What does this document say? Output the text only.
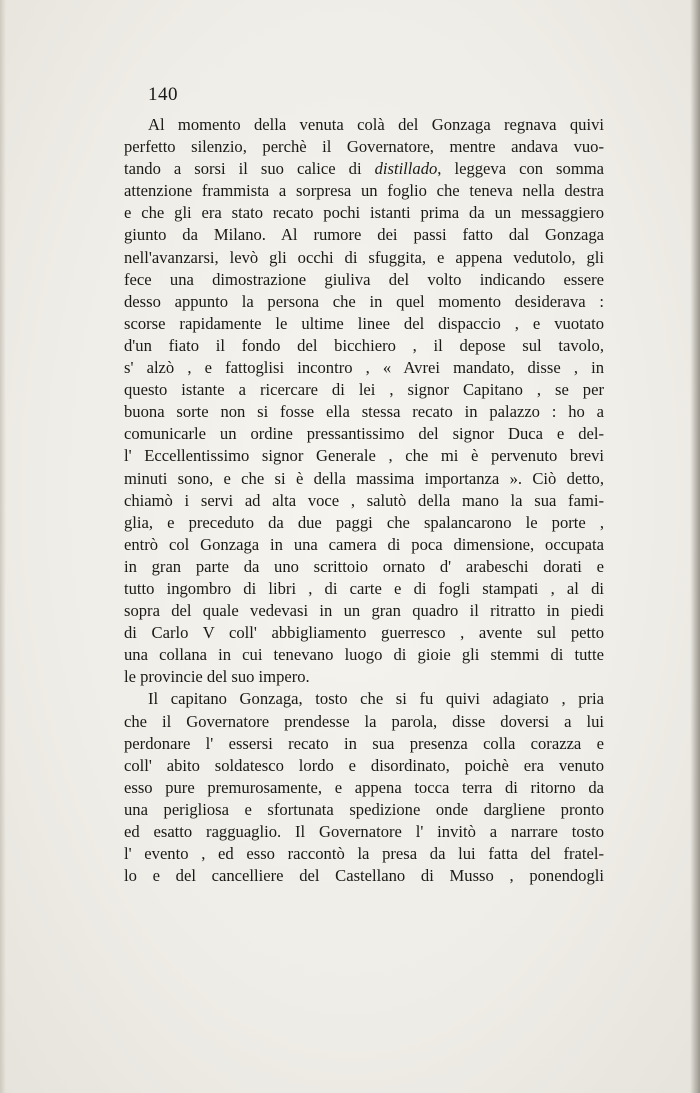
140
Al momento della venuta colà del Gonzaga regnava quivi
perfetto silenzio, perchè il Governatore, mentre andava vuo-
tando a sorsi il suo calice di distillado, leggeva con somma
attenzione frammista a sorpresa un foglio che teneva nella destra
e che gli era stato recato pochi istanti prima da un messaggiero
giunto da Milano. Al rumore dei passi fatto dal Gonzaga
nell'avanzarsi, levò gli occhi di sfuggita, e appena vedutolo, gli
fece una dimostrazione giuliva del volto indicando essere
desso appunto la persona che in quel momento desiderava :
scorse rapidamente le ultime linee del dispaccio , e vuotato
d'un fiato il fondo del bicchiero , il depose sul tavolo,
s' alzò , e fattoglisi incontro , « Avrei mandato, disse , in
questo istante a ricercare di lei , signor Capitano , se per
buona sorte non si fosse ella stessa recato in palazzo : ho a
comunicarle un ordine pressantissimo del signor Duca e del-
l' Eccellentissimo signor Generale , che mi è pervenuto brevi
minuti sono, e che si è della massima importanza ». Ciò detto,
chiamò i servi ad alta voce , salutò della mano la sua fami-
glia, e preceduto da due paggi che spalancarono le porte ,
entrò col Gonzaga in una camera di poca dimensione, occupata
in gran parte da uno scrittoio ornato d' arabeschi dorati e
tutto ingombro di libri , di carte e di fogli stampati , al di
sopra del quale vedevasi in un gran quadro il ritratto in piedi
di Carlo V coll' abbigliamento guerresco , avente sul petto
una collana in cui tenevano luogo di gioie gli stemmi di tutte
le provincie del suo impero.
Il capitano Gonzaga, tosto che si fu quivi adagiato , pria
che il Governatore prendesse la parola, disse doversi a lui
perdonare l' essersi recato in sua presenza colla corazza e
coll' abito soldatesco lordo e disordinato, poichè era venuto
esso pure premurosamente, e appena tocca terra di ritorno da
una perigliosa e sfortunata spedizione onde dargliene pronto
ed esatto ragguaglio. Il Governatore l' invitò a narrare tosto
l' evento , ed esso raccontò la presa da lui fatta del fratel-
lo e del cancelliere del Castellano di Musso , ponendogli
